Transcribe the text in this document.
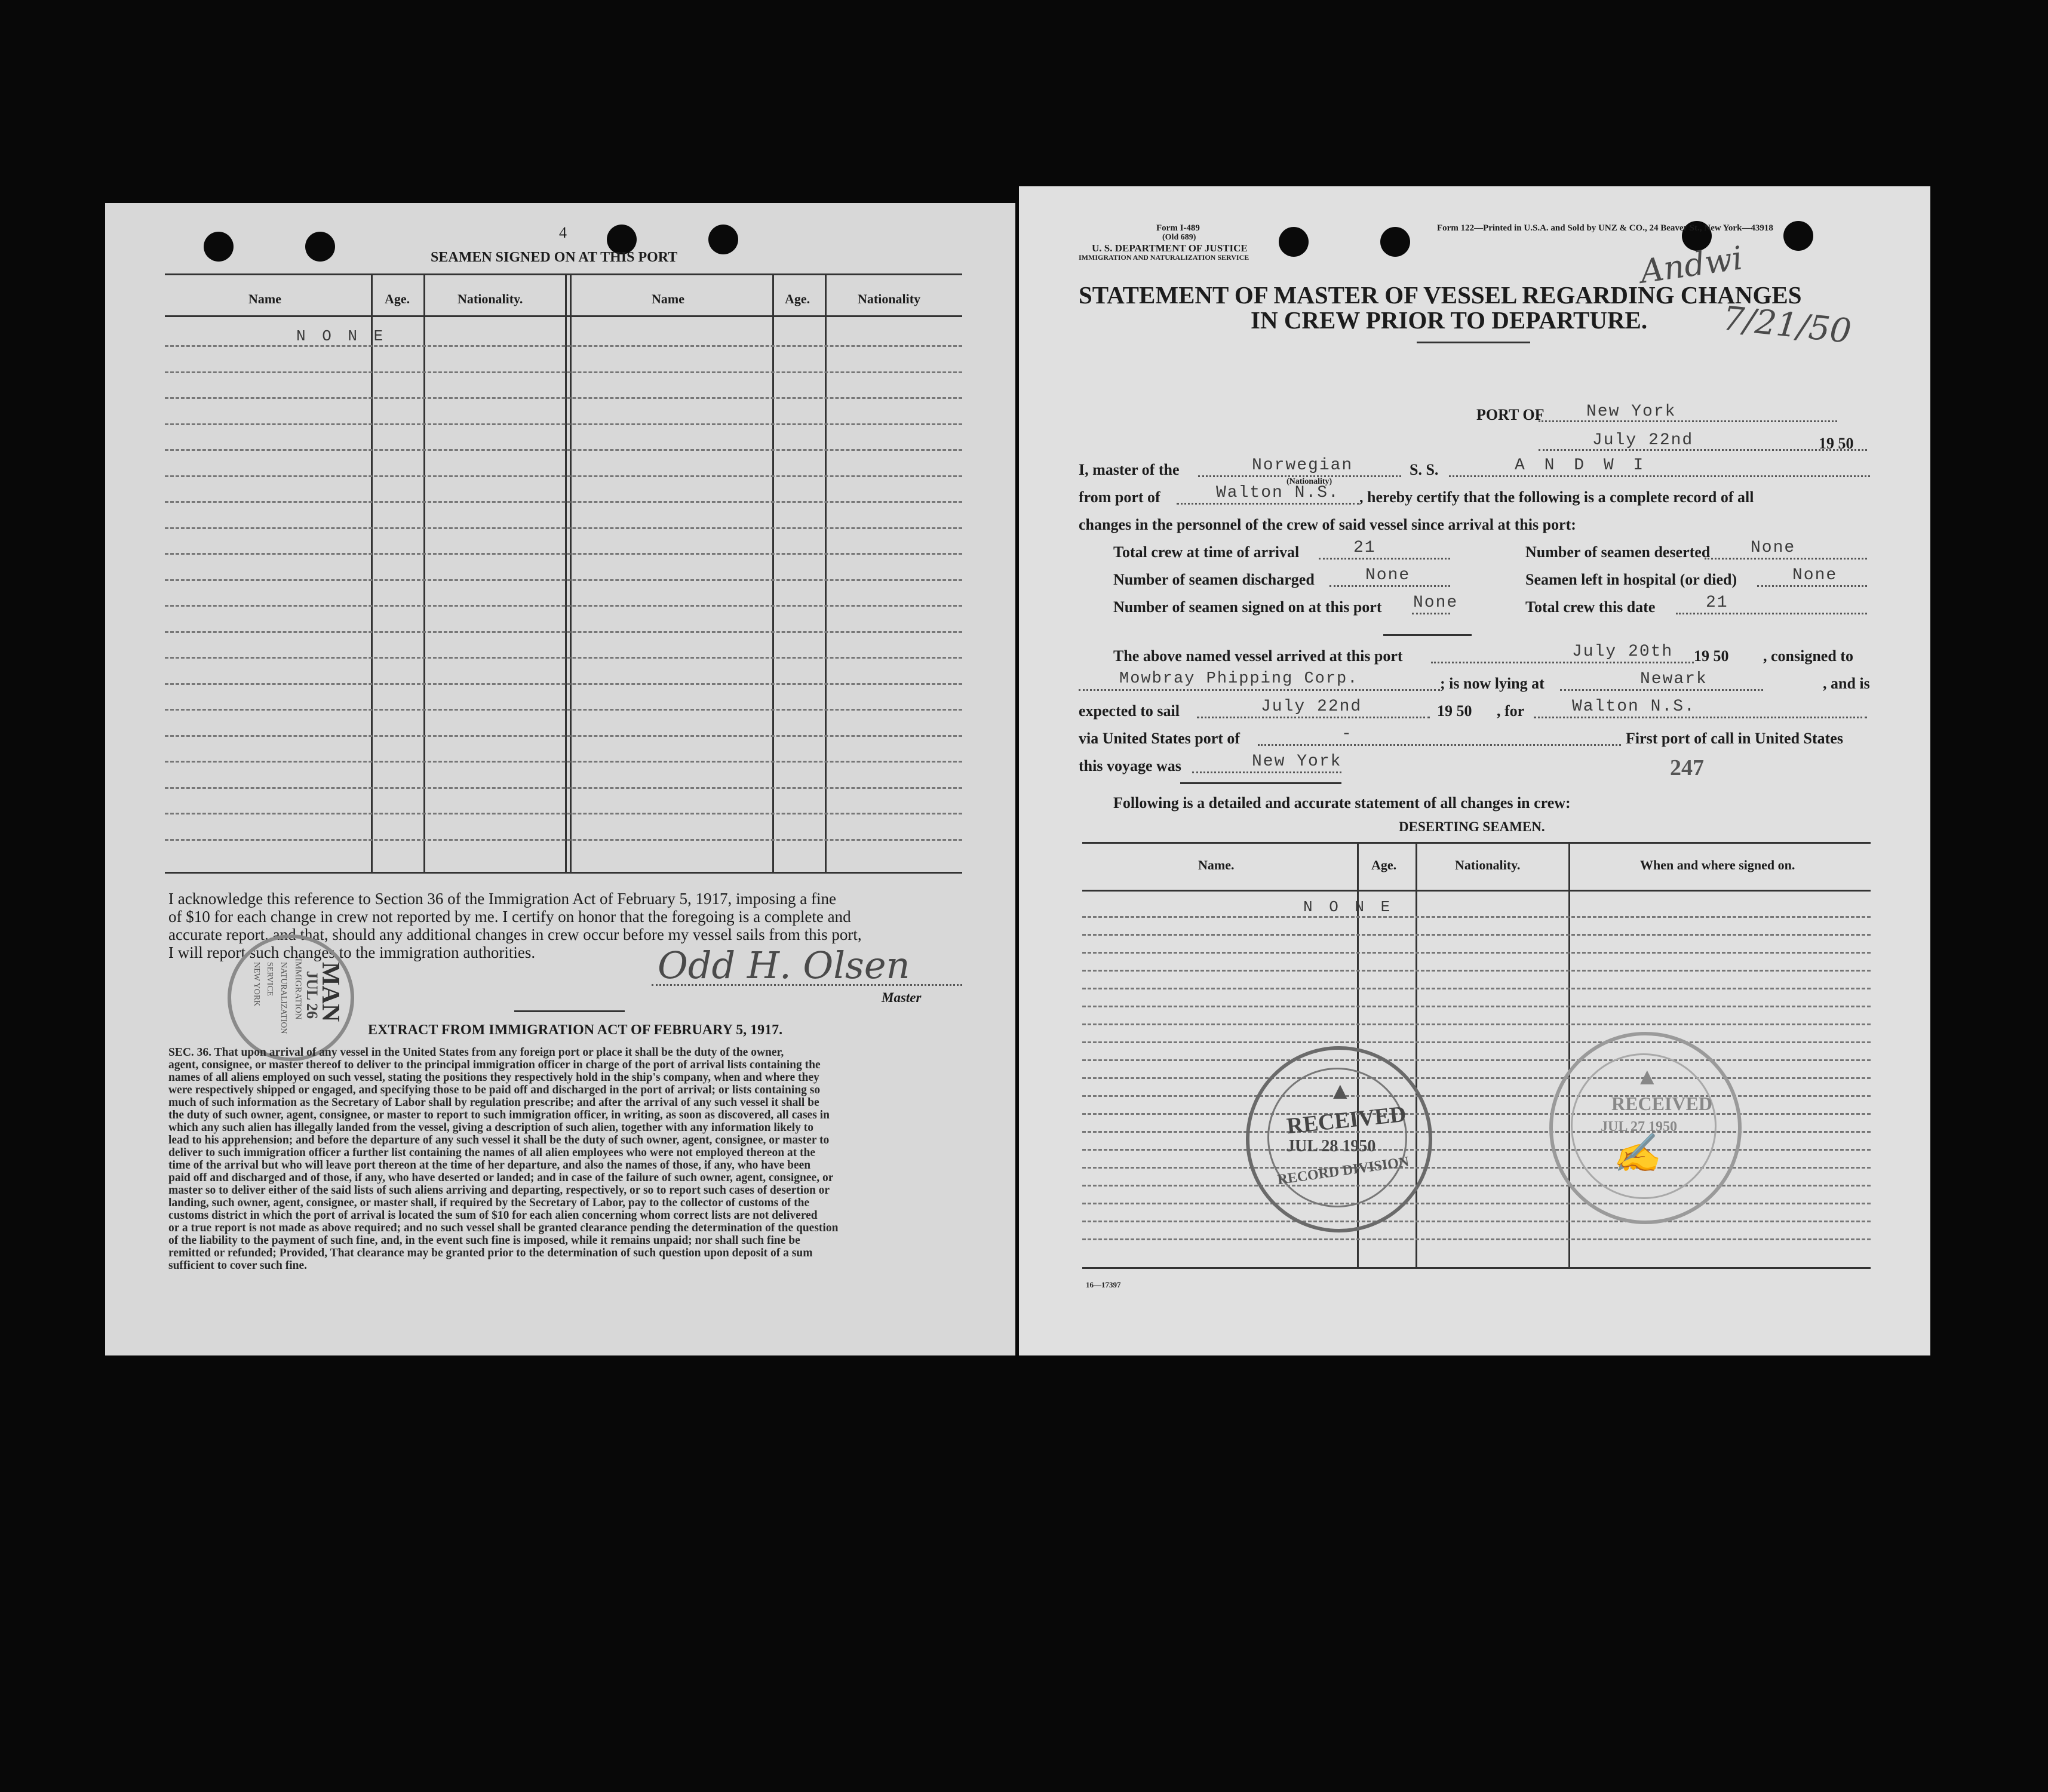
4
SEAMEN SIGNED ON AT THIS PORT
Name	Age.	Nationality.	Name	Age.	Nationality
N O N E
I acknowledge this reference to Section 36 of the Immigration Act of February 5, 1917, imposing a fine
of $10 for each change in crew not reported by me. I certify on honor that the foregoing is a complete and
accurate report, and that, should any additional changes in crew occur before my vessel sails from this port,
I will report such changes to the immigration authorities.	Odd H. Olsen
Master
IMMIGRATION
NATURALIZATION
SERVICE
NEW YORK	JUL 26
MAN
EXTRACT FROM IMMIGRATION ACT OF FEBRUARY 5, 1917.
SEC. 36. That upon arrival of any vessel in the United States from any foreign port or place it shall be the duty of the owner,
agent, consignee, or master thereof to deliver to the principal immigration officer in charge of the port of arrival lists containing the
names of all aliens employed on such vessel, stating the positions they respectively hold in the ship's company, when and where they
were respectively shipped or engaged, and specifying those to be paid off and discharged in the port of arrival; or lists containing so
much of such information as the Secretary of Labor shall by regulation prescribe; and after the arrival of any such vessel it shall be
the duty of such owner, agent, consignee, or master to report to such immigration officer, in writing, as soon as discovered, all cases in
which any such alien has illegally landed from the vessel, giving a description of such alien, together with any information likely to
lead to his apprehension; and before the departure of any such vessel it shall be the duty of such owner, agent, consignee, or master to
deliver to such immigration officer a further list containing the names of all alien employees who were not employed thereon at the
time of the arrival but who will leave port thereon at the time of her departure, and also the names of those, if any, who have been
paid off and discharged and of those, if any, who have deserted or landed; and in case of the failure of such owner, agent, consignee, or
master so to deliver either of the said lists of such aliens arriving and departing, respectively, or so to report such cases of desertion or
landing, such owner, agent, consignee, or master shall, if required by the Secretary of Labor, pay to the collector of customs of the
customs district in which the port of arrival is located the sum of $10 for each alien concerning whom correct lists are not delivered
or a true report is not made as above required; and no such vessel shall be granted clearance pending the determination of the question
of the liability to the payment of such fine, and, in the event such fine is imposed, while it remains unpaid; nor shall such fine be
remitted or refunded; Provided, That clearance may be granted prior to the determination of such question upon deposit of a sum
sufficient to cover such fine.
Form I-489
(Old 689)
U. S. DEPARTMENT OF JUSTICE
IMMIGRATION AND NATURALIZATION SERVICE
Form 122—Printed in U.S.A. and Sold by UNZ & CO., 24 Beaver St., New York—43918
Andwi
7/21/50
STATEMENT OF MASTER OF VESSEL REGARDING CHANGES
IN CREW PRIOR TO DEPARTURE.
PORT OF	New York
July 22nd	19 50
I, master of the	Norwegian
(Nationality)
S. S.	A N D W I
from port of	Walton N.S. , hereby certify that the following is a complete record of all
changes in the personnel of the crew of said vessel since arrival at this port:
Total crew at time of arrival	21	Number of seamen deserted None
Number of seamen discharged	None	Seamen left in hospital (or died)	None
Number of seamen signed on at this port None	Total crew this date	21
The above named vessel arrived at this port	July 20th 19 50 , consigned to
Mowbray Phipping Corp.	; is now lying at	Newark	, and is
expected to sail	July 22nd	19 50 , for	Walton N.S.
via United States port of	-	First port of call in United States
this voyage was	New York	247
Following is a detailed and accurate statement of all changes in crew:
DESERTING SEAMEN.
Name.	Age.	Nationality.	When and where signed on.
N O N E
▲
RECEIVED
JUL 28 1950
RECORD DIVISION
▲
RECEIVED
JUL 27 1950
✍
16—17397
